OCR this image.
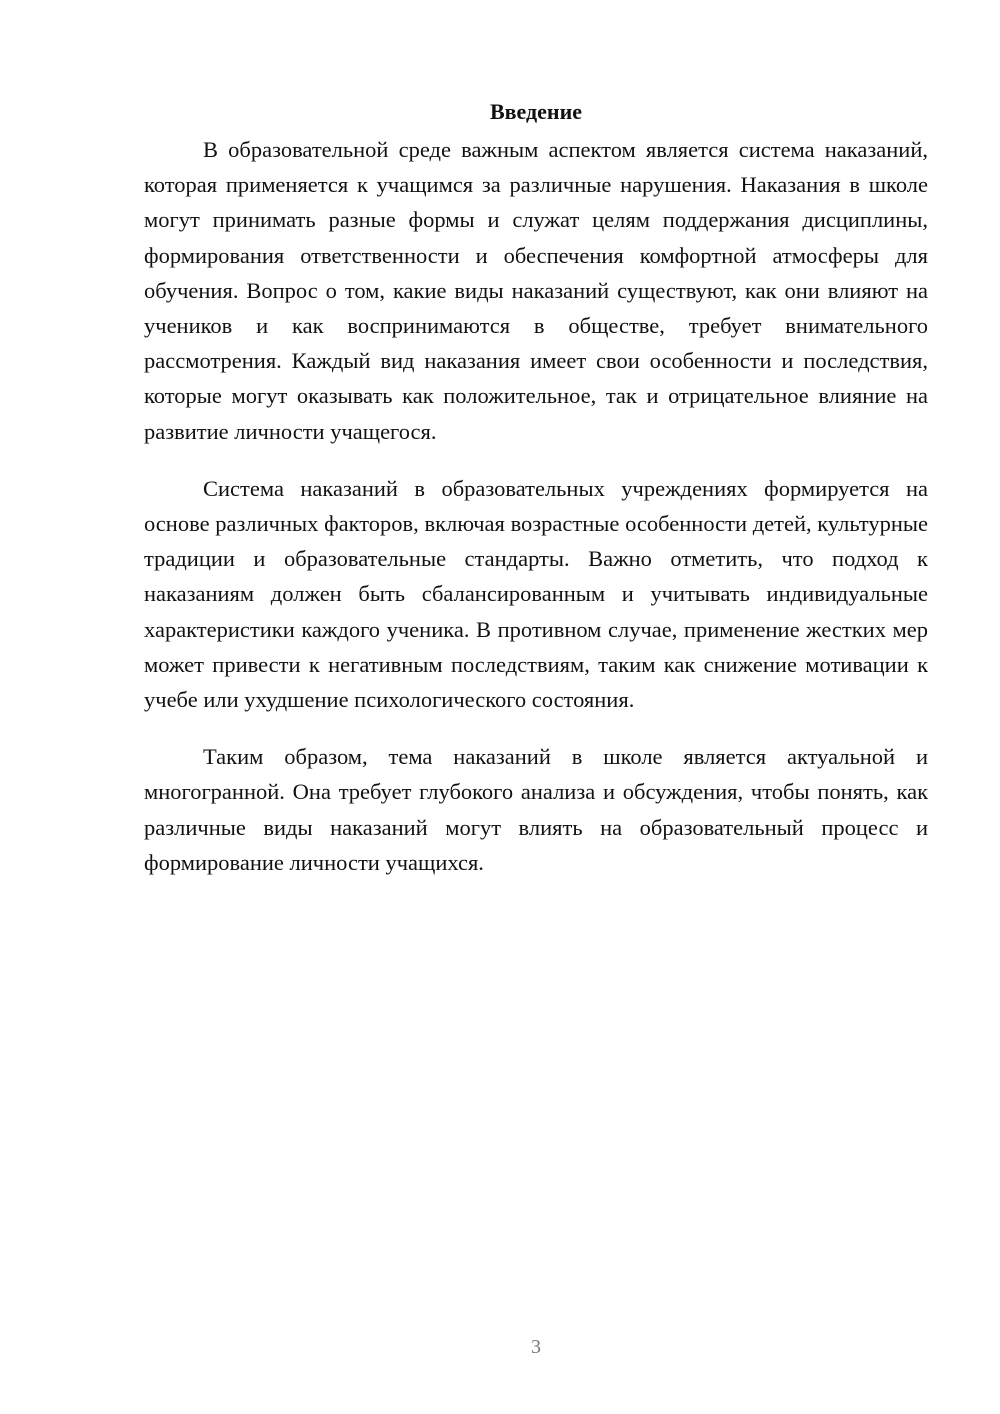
Введение

В образовательной среде важным аспектом является система наказаний, которая применяется к учащимся за различные нарушения. Наказания в школе могут принимать разные формы и служат целям поддержания дисциплины, формирования ответственности и обеспечения комфортной атмосферы для обучения. Вопрос о том, какие виды наказаний существуют, как они влияют на учеников и как воспринимаются в обществе, требует внимательного рассмотрения. Каждый вид наказания имеет свои особенности и последствия, которые могут оказывать как положительное, так и отрицательное влияние на развитие личности учащегося.

Система наказаний в образовательных учреждениях формируется на основе различных факторов, включая возрастные особенности детей, культурные традиции и образовательные стандарты. Важно отметить, что подход к наказаниям должен быть сбалансированным и учитывать индивидуальные характеристики каждого ученика. В противном случае, применение жестких мер может привести к негативным последствиям, таким как снижение мотивации к учебе или ухудшение психологического состояния.

Таким образом, тема наказаний в школе является актуальной и многогранной. Она требует глубокого анализа и обсуждения, чтобы понять, как различные виды наказаний могут влиять на образовательный процесс и формирование личности учащихся.

3
